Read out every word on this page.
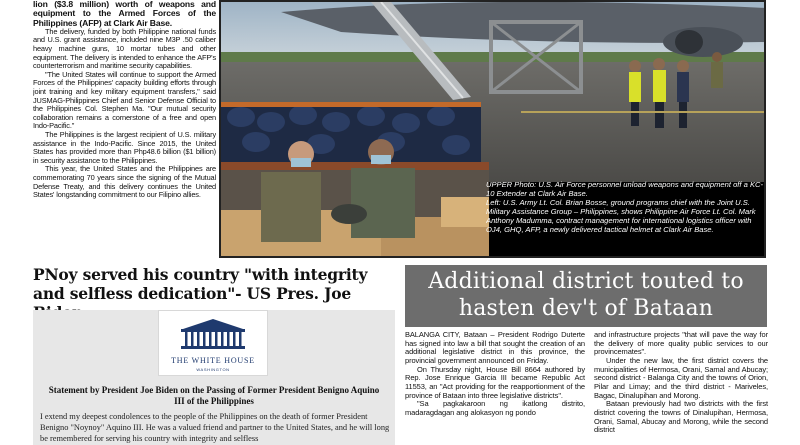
lion ($3.8 million) worth of weapons and equipment to the Armed Forces of the Philippines (AFP) at Clark Air Base.

The delivery, funded by both Philippine national funds and U.S. grant assistance, included nine M3P .50 caliber heavy machine guns, 10 mortar tubes and other equipment. The delivery is intended to enhance the AFP's counterterrorism and maritime security capabilities.

"The United States will continue to support the Armed Forces of the Philippines' capacity building efforts through joint training and key military equipment transfers," said JUSMAG-Philippines Chief and Senior Defense Official to the Philippines Col. Stephen Ma. "Our mutual security collaboration remains a cornerstone of a free and open Indo-Pacific."

The Philippines is the largest recipient of U.S. military assistance in the Indo-Pacific. Since 2015, the United States has provided more than Php48.6 billion ($1 billion) in security assistance to the Philippines.

This year, the United States and the Philippines are commemorating 70 years since the signing of the Mutual Defense Treaty, and this delivery continues the United States' longstanding commitment to our Filipino allies.

UPPER Photo: U.S. Air Force personnel unload weapons and equipment off a KC-10 Extender at Clark Air Base.

Left: U.S. Army Lt. Col. Brian Bosse, ground programs chief with the Joint U.S. Military Assistance Group – Philippines, shows Philippine Air Force Lt. Col. Mark Anthony Madumma, contract management for international logistics officer with OJ4, GHQ, AFP, a newly delivered tactical helmet at Clark Air Base.

PNoy served his country "with integrity and selfless dedication"- US Pres. Joe
THE WHITE HOUSE
WASHINGTON
Statement by President Joe Biden on the Passing of Former President Benigno Aquino III of the Philippines

I extend my deepest condolences to the people of the Philippines on the death of former President Benigno "Noynoy" Aquino III. He was a valued friend and partner to the United States, and he will long be remembered for serving his country with integrity and selfless

Additional district touted to hasten dev't of Bataan

BALANGA CITY, Bataan – President Rodrigo Duterte has signed into law a bill that sought the creation of an additional legislative district in this province, the provincial government announced on Friday.

On Thursday night, House Bill 8664 authored by Rep. Jose Enrique Garcia III became Republic Act 11553, an "Act providing for the reapportionment of the province of Bataan into three legislative districts".

"Sa pagkakaroon ng ikatlong distrito, madaragdagan ang alokasyon ng pondo

and infrastructure projects "that will pave the way for the delivery of more quality public services to our provincemates".

Under the new law, the first district covers the municipalities of Hermosa, Orani, Samal and Abucay; second district - Balanga City and the towns of Orion, Pilar and Limay; and the third district - Mariveles, Bagac, Dinalupihan and Morong.

Bataan previously had two districts with the first district covering the towns of Dinalupihan, Hermosa, Orani, Samal, Abucay and Morong, while the second district
